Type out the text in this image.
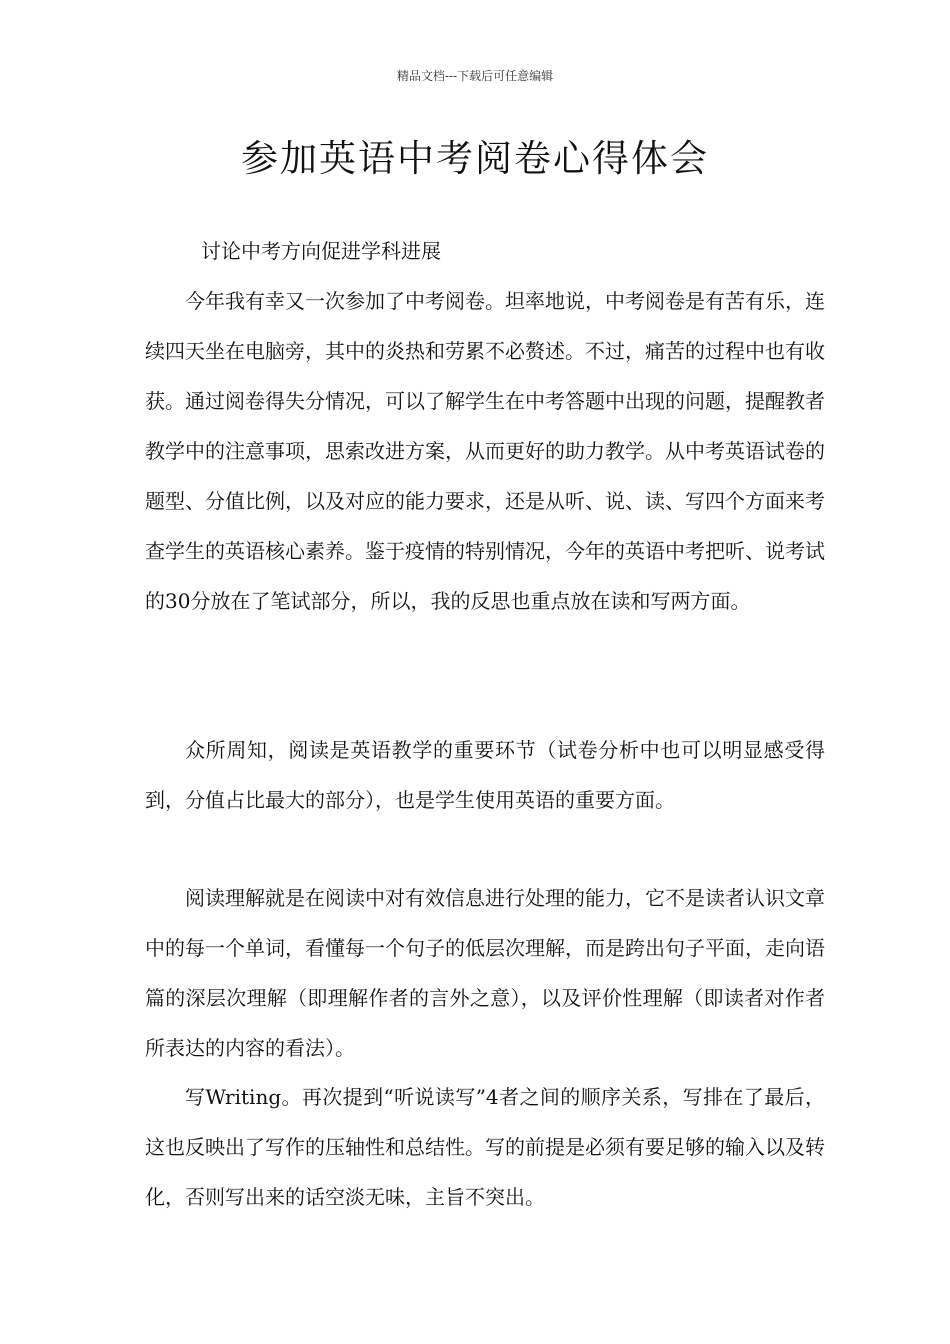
精品文档---下载后可任意编辑
参加英语中考阅卷心得体会
讨论中考方向促进学科进展

今年我有幸又一次参加了中考阅卷。坦率地说，中考阅卷是有苦有乐，连续四天坐在电脑旁，其中的炎热和劳累不必赘述。不过，痛苦的过程中也有收获。通过阅卷得失分情况，可以了解学生在中考答题中出现的问题，提醒教者教学中的注意事项，思索改进方案，从而更好的助力教学。从中考英语试卷的题型、分值比例，以及对应的能力要求，还是从听、说、读、写四个方面来考查学生的英语核心素养。鉴于疫情的特别情况，今年的英语中考把听、说考试的30分放在了笔试部分，所以，我的反思也重点放在读和写两方面。

众所周知，阅读是英语教学的重要环节（试卷分析中也可以明显感受得到，分值占比最大的部分），也是学生使用英语的重要方面。

阅读理解就是在阅读中对有效信息进行处理的能力，它不是读者认识文章中的每一个单词，看懂每一个句子的低层次理解，而是跨出句子平面，走向语篇的深层次理解（即理解作者的言外之意），以及评价性理解（即读者对作者所表达的内容的看法）。

写Writing。再次提到“听说读写”4者之间的顺序关系，写排在了最后，这也反映出了写作的压轴性和总结性。写的前提是必须有要足够的输入以及转化，否则写出来的话空淡无味，主旨不突出。
